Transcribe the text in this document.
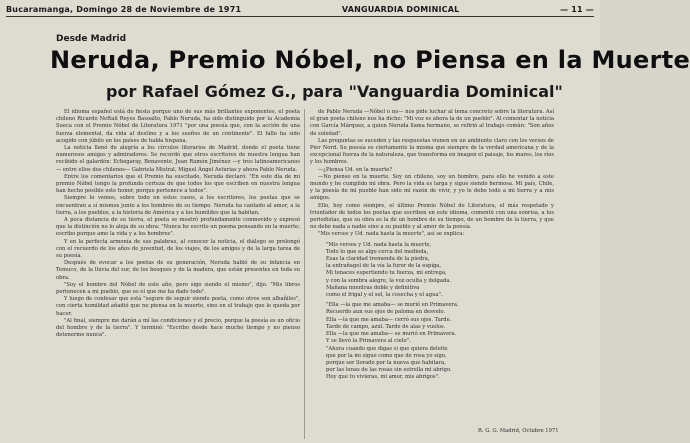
Bucaramanga, Domingo 28 de Noviembre de 1971	VANGUARDIA DOMINICAL	— 11 —
Desde Madrid
Neruda, Premio Nóbel, no Piensa en la Muerte
por Rafael Gómez G., para "Vanguardia Dominical"

El idioma español está de fiesta porque uno de sus más brillantes exponentes, el poeta chileno Ricardo Neftalí Reyes Basoalto, Pablo Neruda, ha sido distinguido por la Academia Sueca con el Premio Nóbel de Literatura 1971 "por una poesía que, con la acción de una fuerza elemental, da vida al destino y a los sueños de un continente". El fallo ha sido acogido con júbilo en los países de habla hispana.

La noticia llenó de alegría a los círculos literarios de Madrid, donde el poeta tiene numerosos amigos y admiradores. Se recordó que otros escritores de nuestra lengua han recibido el galardón: Echegaray, Benavente, Juan Ramón Jiménez —y tres latinoamericanos— entre ellos dos chilenos— Gabriela Mistral, Miguel Ángel Asturias y ahora Pablo Neruda.

Entre los comentarios que el Premio ha suscitado, Neruda declaró: "En este día de mi premio Nóbel tengo la profunda certeza de que todos los que escriben en nuestra lengua han hecho posible este honor, porque pertenece a todos".

Siempre lo vemos, sobre todo en estos casos, a los escritores, los poetas que se encuentran a sí mismos junto a los hombres de su tiempo. Neruda ha cantado al amor, a la tierra, a los pueblos, a la historia de América y a los humildes que la habitan.

A poca distancia de su tierra, el poeta se mostró profundamente conmovido y expresó que la distinción no lo aleja de su obra: "Nunca he escrito un poema pensando en la muerte; escribo porque amo la vida y a los hombres".

Y en la perfecta armonía de sus palabras, al conocer la noticia, el diálogo se prolongó con el recuerdo de los años de juventud, de los viajes, de los amigos y de la larga tarea de su poesía.

Después de evocar a los poetas de su generación, Neruda habló de su infancia en Temuco, de la lluvia del sur, de los bosques y de la madera, que están presentes en toda su obra.

"Soy el hombre del Nóbel de este año, pero sigo siendo el mismo", dijo. "Mis libros pertenecen a mi pueblo, que es el que me ha dado todo".

Y luego de confesar que está "seguro de seguir siendo poeta, como otros son albañiles", con cierta humildad añadió que no piensa en la muerte, sino en el trabajo que le queda por hacer.

"Al final, siempre me darán a mí las condiciones y el precio, porque la poesía es un oficio del hombre y de la tierra". Y terminó: "Escribo desde hace mucho tiempo y no pienso detenerme nunca".

de Pablo Neruda —Nóbel o no— nos pide luchar al tema concreto sobre la literatura. Así el gran poeta chileno nos ha dicho: "Mi voz es ahora la de un pueblo". Al comentar la noticia con García Márquez, a quien Neruda llama hermano, se refirió al trabajo común: "Son años de soledad".

Las preguntas se suceden y las respuestas vienen en un ambiente claro con los versos de Pier Nord. Su poesía es ciertamente la misma que siempre de la verdad americana y de la excepcional fuerza de la naturaleza, que transforma en imagen el paisaje, los mares, los ríos y los hombres.

—¿Piensa Ud. en la muerte?

—No pienso en la muerte. Soy un chileno, soy un hombre, para ello he venido a este mundo y he cumplido mi obra. Pero la vida es larga y sigue siendo hermosa. Mi país, Chile, y la poesía de mi pueblo han sido mi razón de vivir, y yo le debo todo a mi tierra y a mis amigos.

Ello, hoy como siempre, el último Premio Nóbel de Literatura, el más respetado y triunfador de todos los poetas que escriben en este idioma, comentó con una sonrisa, a los periodistas, que su obra es la de un hombre de su tiempo, de un hombre de la tierra, y que no debe nada a nadie sino a su pueblo y al amor de la poesía.

"Mis versos y Ud. nada hasta la muerte", así se explica:

"Mis versos y Ud. nada hasta la muerte,
Todo lo que es algo cerca del medioda,
Esas la claridad tremenda de la piedra,
la entrañagol de la vía la furor de la espiga,
Mi tenaces espertiendo tu fuerza, mi entrega,
y con la sombra alegre, la voz oculta y delgada.
Mañana mientras doble y definitiva
como el frigal y el sol, la cosecha y el agua".
"Ella —la que me amaba— se murió en Primavera.
Recuerdo aun sus ojos de paloma en desvelo.
Ella —la que me amaba— cerró sus ojos. Tarde.
Tarde de campo, azul. Tarde de alas y vuelos.
Ella —la que me amaba— se murió en Primavera.
Y se llevó la Primavera al cielo".
"Ahora cuando que digas si que quiera deleite
que por la mi sigue como que de rosa yo sigo,
porque ser llorado por la nueva que habitara,
por las lunas de las rosas sin estrella mi abrigo.
Hoy que tu vivieras, mi amor, mis abrigos".
R. G. G. Madrid, Octubre 1971
